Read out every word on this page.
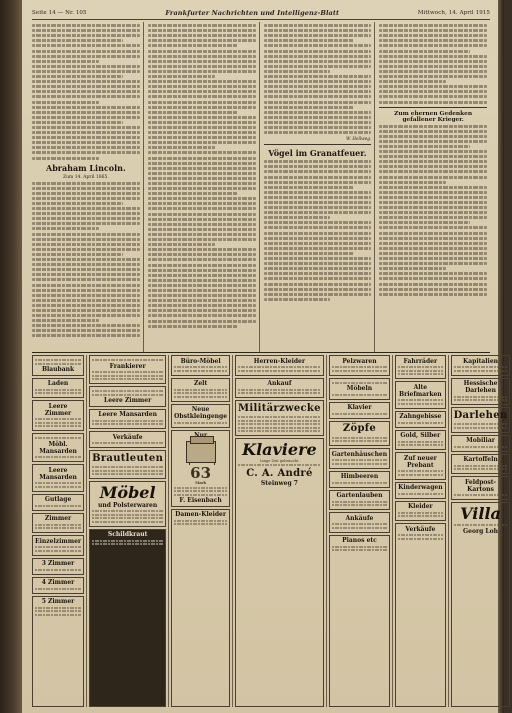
Seite 14 — Nr. 105	Frankfurter Nachrichten und Intelligenz-Blatt	Mittwoch, 14. April 1915
Abraham Lincoln.
Zum 14. April 1865.
W. Hellweg.
Vögel im Granatfeuer.
Zum ehernen Gedenken gefallener Krieger.
Blaubank
Laden
Leere Zimmer
Möbl. Mansarden
Leere Mansarden
Gutlage
Zimmer
Einzelzimmer
3 Zimmer
4 Zimmer
5 Zimmer
Frankierer
Leere Zimmer
Leere Mansarden
Verkäufe
Brautleuten
Möbel
und Polsterwaren
Schildkraut
Büro-Möbel
Zelt
Neue Obstkleingenge
63
Mark
F. Eisenbach
Damen-Kleider
Herren-Kleider
Ankauf
Militärzwecke
Klaviere
lange Zeit gebraucht
C. A. André
Steinweg 7
Pelzwaren
Möbeln
Klavier
Zöpfe
Gartenhäuschen
Himbeeren
Gartenlauben
Ankäufe
Pianos etc
Fahrräder
Alte Briefmarken
Zahngebisse
Gold, Silber
Zuf neuer Prebant
Kinderwagen
Kleider
Verkäufe
Kapitalien
Hessische Darlehen
Darlehen
Mobiliar
Kartoffeln
Feldpost-Kartons
Villa
Georg Loh
